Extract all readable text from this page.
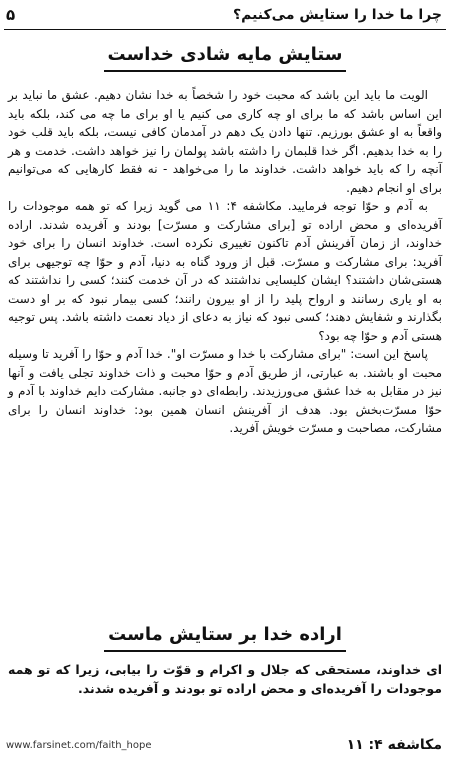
۵	چرا ما خدا را ستایش می‌کنیم؟
ستایش مایه شادی خداست

الویت ما باید این باشد که محبت خود را شخصاً به خدا نشان دهیم. عشق ما نباید بر این اساس باشد که ما برای او چه کاری می کنیم یا او برای ما چه می کند، بلکه باید واقعاً به او عشق بورزیم. تنها دادن یک دهم در آمدمان کافی نیست، بلکه باید قلب خود را به خدا بدهیم. اگر خدا قلبمان را داشته باشد پولمان را نیز خواهد داشت. خدمت و هر آنچه را که باید خواهد داشت. خداوند ما را می‌خواهد - نه فقط کارهایی که می‌توانیم برای او انجام دهیم.

به آدم و حوّا توجه فرمایید. مکاشفه ۴: ۱۱ می گوید زیرا که تو همه موجودات را آفریده‌ای و محض اراده تو [برای مشارکت و مسرّت] بودند و آفریده شدند. اراده خداوند، از زمان آفرینش آدم تاکنون تغییری نکرده است. خداوند انسان را برای خود آفرید: برای مشارکت و مسرّت. قبل از ورود گناه به دنیا، آدم و حوّا چه توجیهی برای هستی‌شان داشتند؟ ایشان کلیسایی نداشتند که در آن خدمت کنند؛ کسی را نداشتند که به او یاری رسانند و ارواح پلید را از او بیرون رانند؛ کسی بیمار نبود که بر او دست بگذارند و شفایش دهند؛ کسی نبود که نیاز به دعای از دیاد نعمت داشته باشد. پس توجیه هستی آدم و حوّا چه بود؟

پاسخ این است: "برای مشارکت با خدا و مسرّت او". خدا آدم و حوّا را آفرید تا وسیله محبت او باشند. به عبارتی، از طریق آدم و حوّا محبت و ذات خداوند تجلی یافت و آنها نیز در مقابل به خدا عشق می‌ورزیدند. رابطه‌ای دو جانبه. مشارکت دایم خداوند با آدم و حوّا مسرّت‌بخش بود. هدف از آفرینش انسان همین بود: خداوند انسان را برای مشارکت، مصاحبت و مسرّت خویش آفرید.

اراده خدا بر ستایش ماست
ای خداوند، مستحقی که جلال و اکرام و قوّت را بیابی، زیرا که تو همه موجودات را آفریده‌ای و محض اراده تو بودند و آفریده شدند.
www.farsinet.com/faith_hope	مکاشفه ۴: ۱۱
